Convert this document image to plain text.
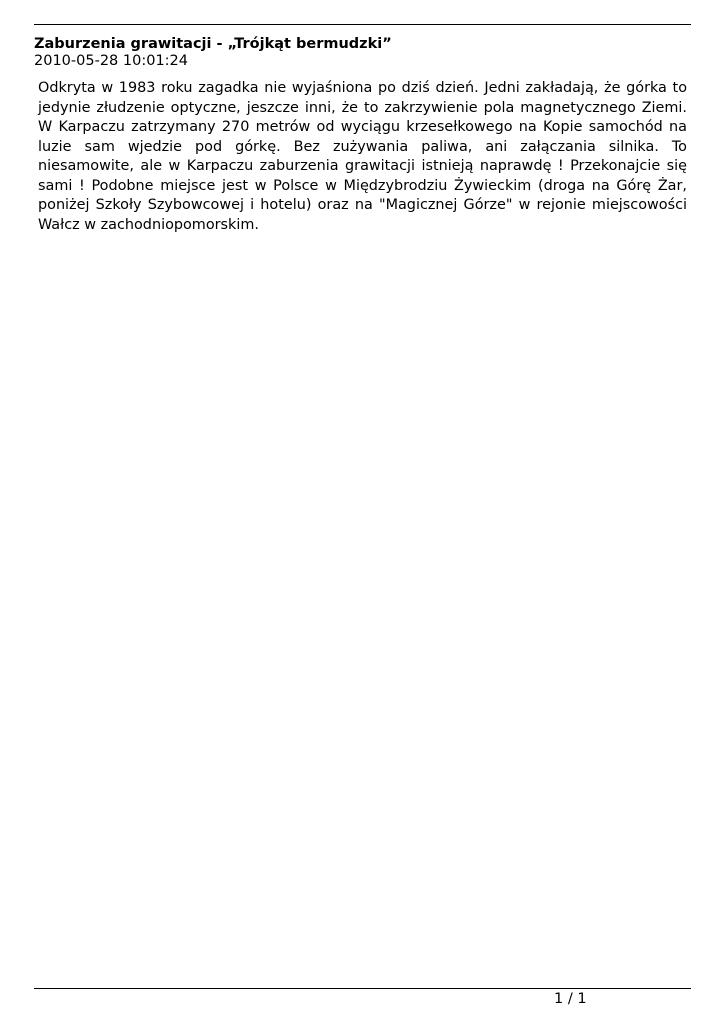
Zaburzenia grawitacji - „Trójkąt bermudzki”
2010-05-28 10:01:24

Odkryta w 1983 roku zagadka nie wyjaśniona po dziś dzień. Jedni zakładają, że górka to jedynie złudzenie optyczne, jeszcze inni, że to zakrzywienie pola magnetycznego Ziemi. W Karpaczu zatrzymany 270 metrów od wyciągu krzesełkowego na Kopie samochód na luzie sam wjedzie pod górkę. Bez zużywania paliwa, ani załączania silnika. To niesamowite, ale w Karpaczu zaburzenia grawitacji istnieją naprawdę ! Przekonajcie się sami ! Podobne miejsce jest w Polsce w Międzybrodziu Żywieckim (droga na Górę Żar, poniżej Szkoły Szybowcowej i hotelu) oraz na "Magicznej Górze" w rejonie miejscowości Wałcz w zachodniopomorskim.

1 / 1
